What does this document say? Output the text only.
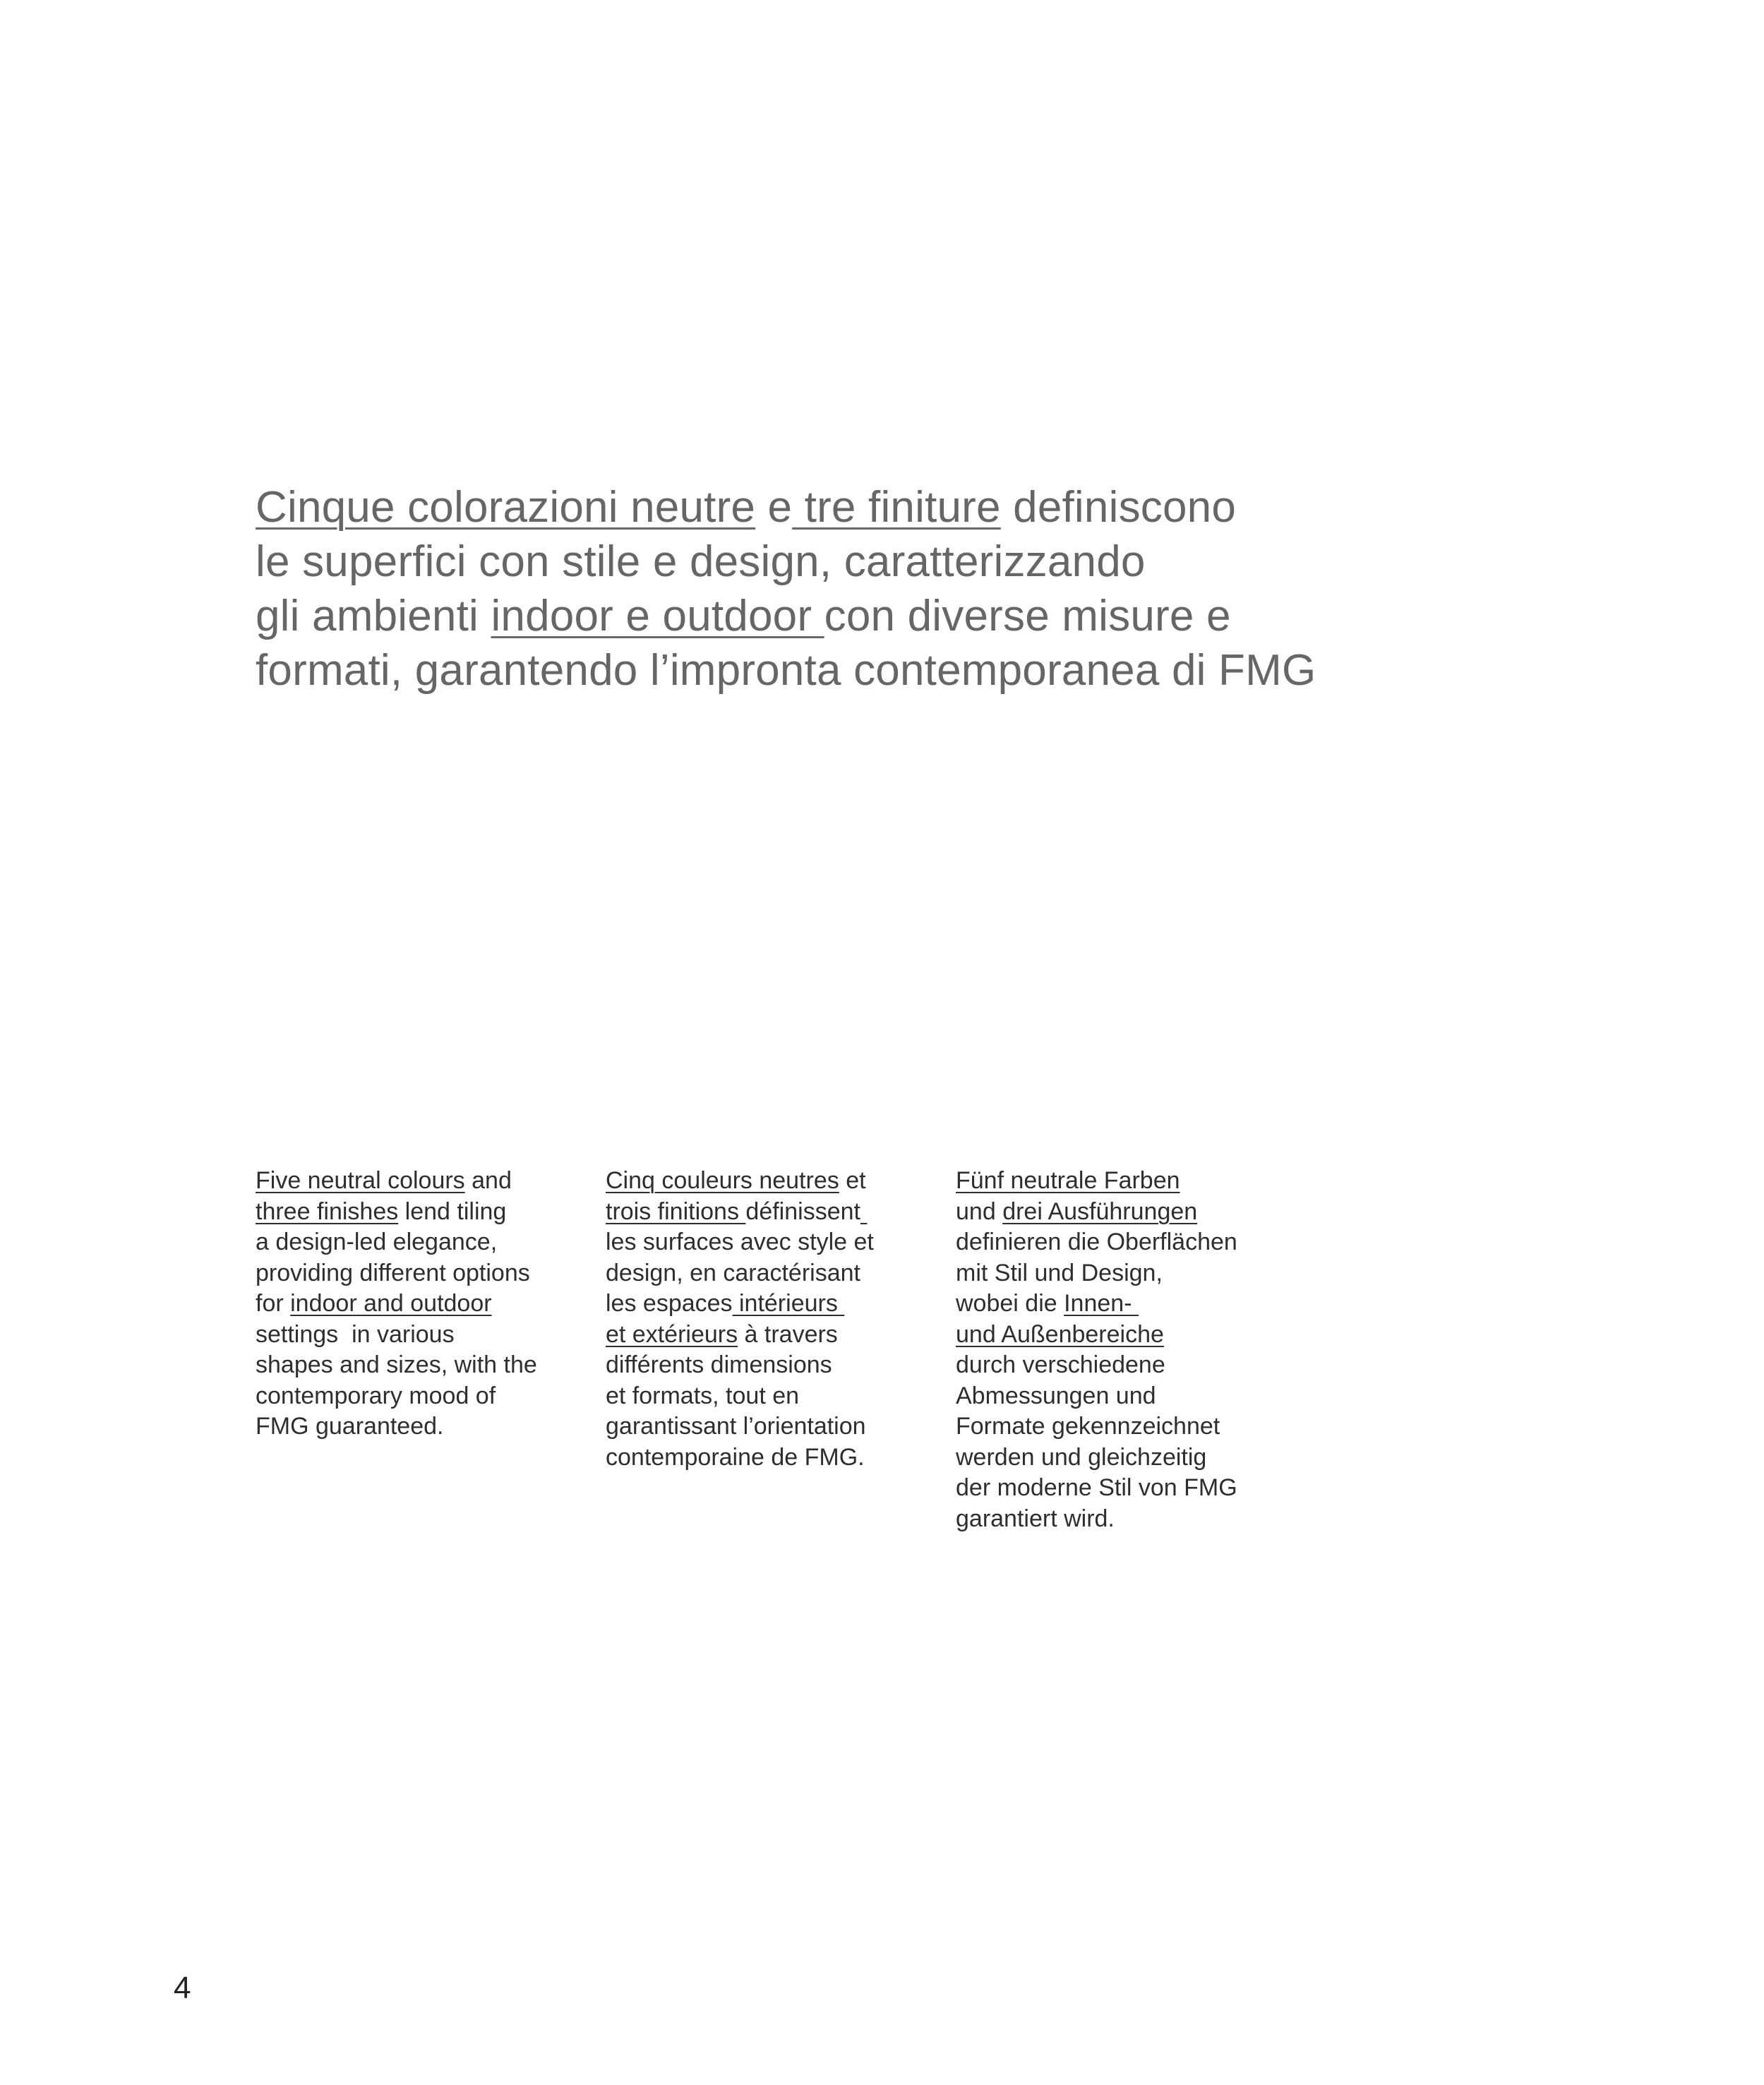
Cinque colorazioni neutre e tre finiture definiscono
le superfici con stile e design, caratterizzando
gli ambienti indoor e outdoor con diverse misure e
formati, garantendo l’impronta contemporanea di FMG

Five neutral colours and
three finishes lend tiling
a design-led elegance,
providing different options
for indoor and outdoor
settings  in various
shapes and sizes, with the
contemporary mood of
FMG guaranteed.

Cinq couleurs neutres et
trois finitions définissent
les surfaces avec style et
design, en caractérisant
les espaces intérieurs
et extérieurs à travers
différents dimensions
et formats, tout en
garantissant l’orientation
contemporaine de FMG.

Fünf neutrale Farben
und drei Ausführungen
definieren die Oberflächen
mit Stil und Design,
wobei die Innen-
und Außenbereiche
durch verschiedene
Abmessungen und
Formate gekennzeichnet
werden und gleichzeitig
der moderne Stil von FMG
garantiert wird.

4
